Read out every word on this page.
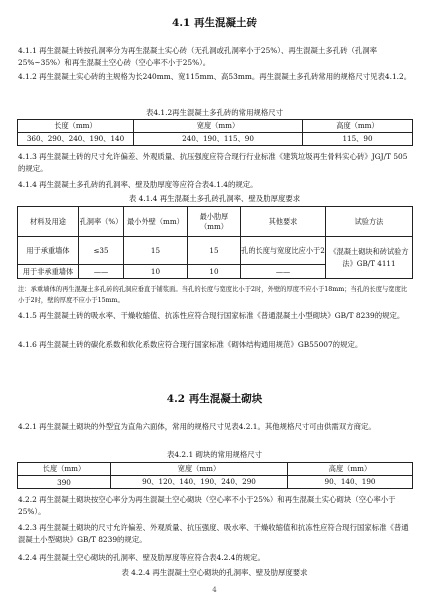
4.1 再生混凝土砖
4.1.1 再生混凝土砖按孔洞率分为再生混凝土实心砖（无孔洞或孔洞率小于25%）、再生混凝土多孔砖（孔洞率25%~35%）和再生混凝土空心砖（空心率不小于25%）。
4.1.2 再生混凝土实心砖的主规格为长240mm、宽115mm、高53mm。再生混凝土多孔砖常用的规格尺寸见表4.1.2。
表4.1.2再生混凝土多孔砖的常用规格尺寸
长度（mm）	宽度（mm）	高度（mm）
360、290、240、190、140	240、190、115、90	115、90
4.1.3 再生混凝土砖的尺寸允许偏差、外观质量、抗压强度应符合现行行业标准《建筑垃圾再生骨料实心砖》JGJ/T 505的规定。
4.1.4 再生混凝土多孔砖的孔洞率、壁及肋厚度等应符合表4.1.4的规定。
表 4.1.4 再生混凝土多孔砖孔洞率、壁及肋厚度要求
材料及用途	孔洞率（%）	最小外壁（mm）	最小肋厚（mm）	其他要求	试验方法
用于承重墙体	≤35	15	15	孔的长度与宽度比应小于2	《混凝土砌块和砖试验方法》GB/T 4111
用于非承重墙体	——	10	10	——	
注：承重墙体的再生混凝土多孔砖的孔洞应垂直于铺浆面。当孔的长度与宽度比小于2时，外壁的厚度不应小于18mm；当孔的长度与宽度比小于2时，壁的厚度不应小于15mm。
4.1.5 再生混凝土砖的吸水率、干燥收缩值、抗冻性应符合现行国家标准《普通混凝土小型砌块》GB/T 8239的规定。
4.1.6 再生混凝土砖的碳化系数和软化系数应符合现行国家标准《砌体结构通用规范》GB55007的规定。
4.2 再生混凝土砌块
4.2.1 再生混凝土砌块的外型宜为直角六面体，常用的规格尺寸见表4.2.1。其他规格尺寸可由供需双方商定。
表4.2.1 砌块的常用规格尺寸
长度（mm）	宽度（mm）	高度（mm）
390	90、120、140、190、240、290	90、140、190
4.2.2 再生混凝土砌块按空心率分为再生混凝土空心砌块（空心率不小于25%）和再生混凝土实心砌块（空心率小于25%）。
4.2.3 再生混凝土砌块的尺寸允许偏差、外观质量、抗压强度、吸水率、干燥收缩值和抗冻性应符合现行国家标准《普通混凝土小型砌块》GB/T 8239的规定。
4.2.4 再生混凝土空心砌块的孔洞率、壁及肋厚度等应符合表4.2.4的规定。
表 4.2.4 再生混凝土空心砌块的孔洞率、壁及肋厚度要求
4
